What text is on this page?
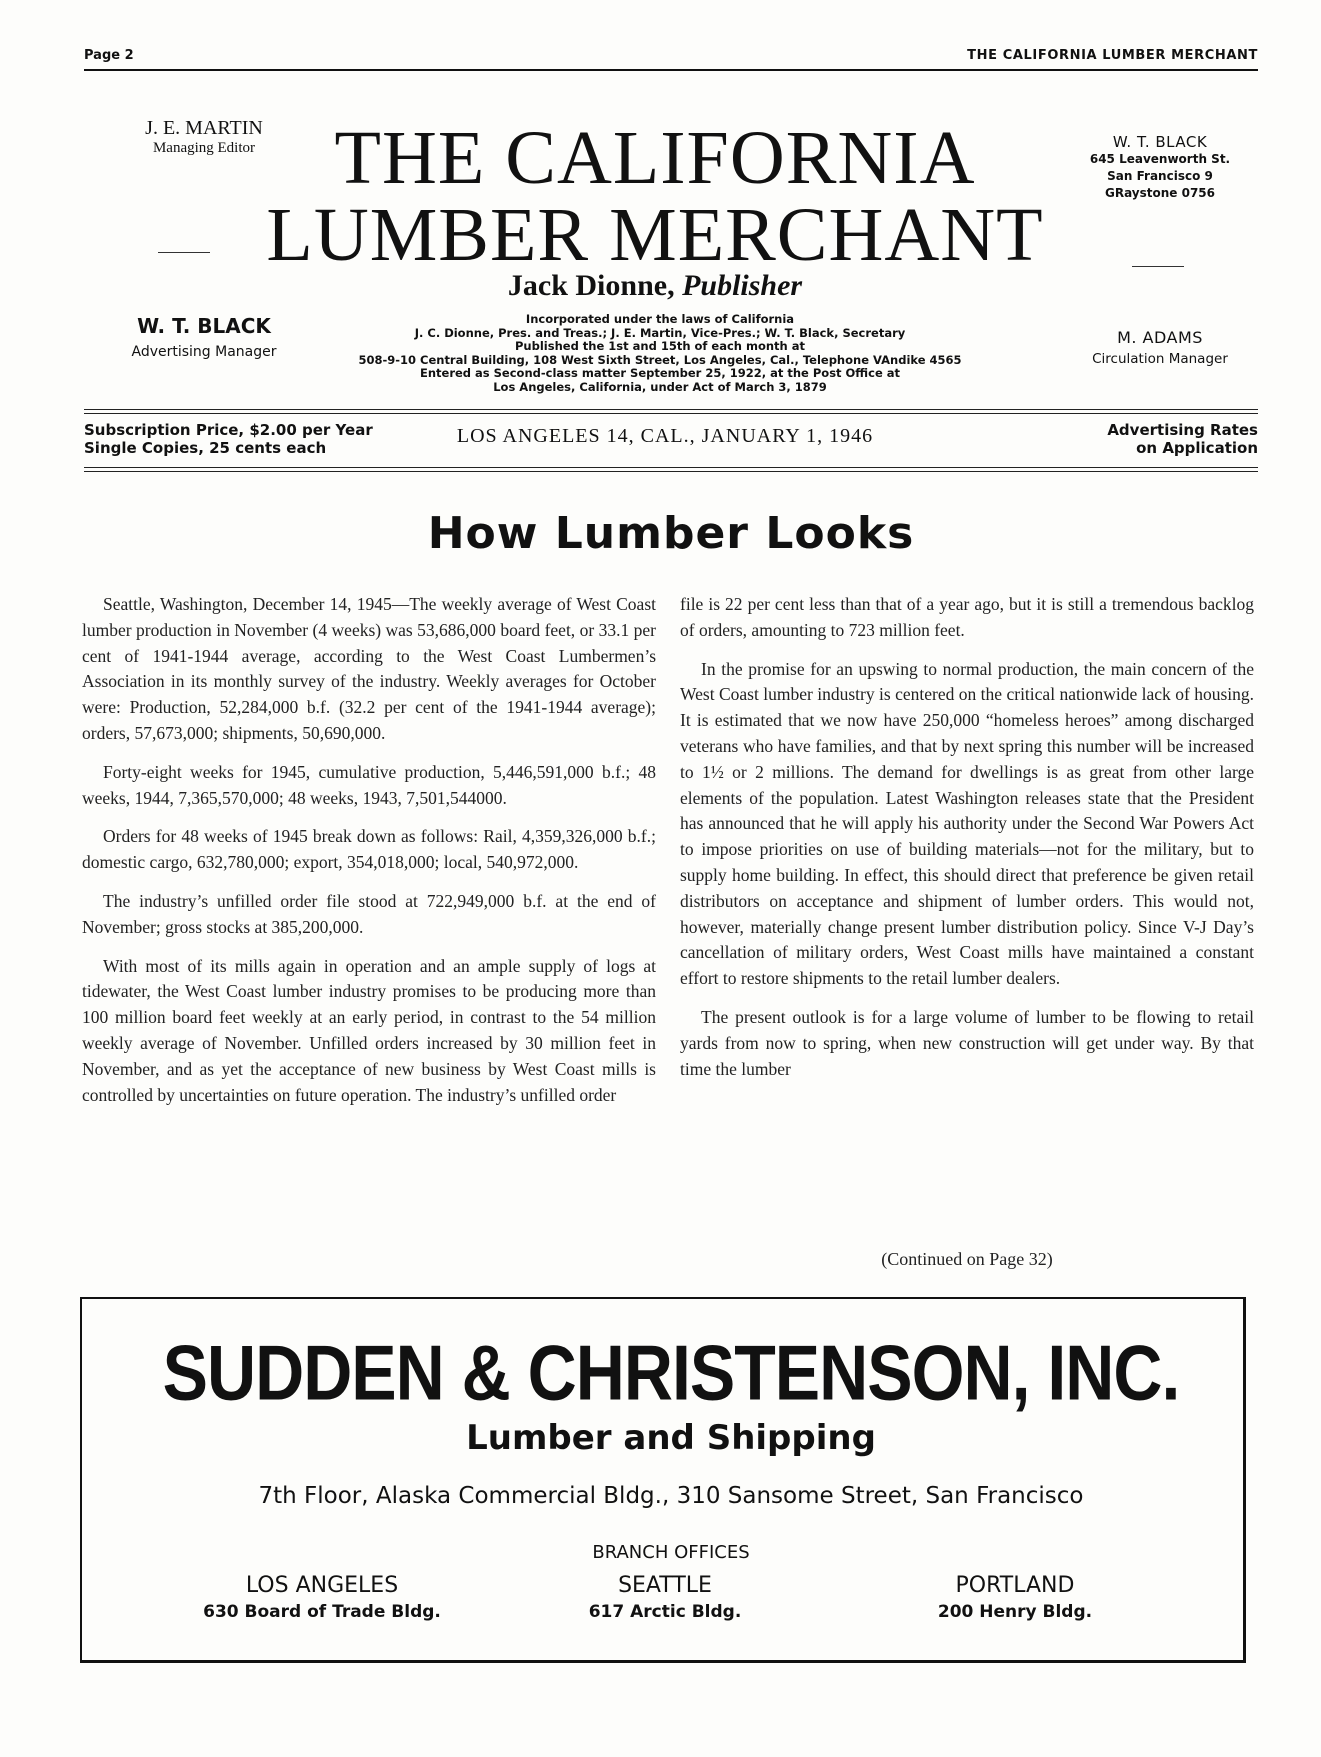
Page 2	THE CALIFORNIA LUMBER MERCHANT
J. E. MARTIN
Managing Editor
W. T. BLACK
Advertising Manager
THE CALIFORNIA
LUMBER MERCHANT
Jack Dionne, Publisher
Incorporated under the laws of California
J. C. Dionne, Pres. and Treas.; J. E. Martin, Vice-Pres.; W. T. Black, Secretary
Published the 1st and 15th of each month at
508-9-10 Central Building, 108 West Sixth Street, Los Angeles, Cal., Telephone VAndike 4565
Entered as Second-class matter September 25, 1922, at the Post Office at
Los Angeles, California, under Act of March 3, 1879
W. T. BLACK
645 Leavenworth St.
San Francisco 9
GRaystone 0756
M. ADAMS
Circulation Manager
Subscription Price, $2.00 per Year
Single Copies, 25 cents each
LOS ANGELES 14, CAL., JANUARY 1, 1946	Advertising Rates
on Application
How Lumber Looks

Seattle, Washington, December 14, 1945—The weekly average of West Coast lumber production in November (4 weeks) was 53,686,000 board feet, or 33.1 per cent of 1941-1944 average, according to the West Coast Lumbermen’s Association in its monthly survey of the industry. Weekly averages for October were: Production, 52,284,000 b.f. (32.2 per cent of the 1941-1944 average); orders, 57,673,000; shipments, 50,690,000.

Forty-eight weeks for 1945, cumulative production, 5,446,591,000 b.f.; 48 weeks, 1944, 7,365,570,000; 48 weeks, 1943, 7,501,544000.

Orders for 48 weeks of 1945 break down as follows: Rail, 4,359,326,000 b.f.; domestic cargo, 632,780,000; export, 354,018,000; local, 540,972,000.

The industry’s unfilled order file stood at 722,949,000 b.f. at the end of November; gross stocks at 385,200,000.

With most of its mills again in operation and an ample supply of logs at tidewater, the West Coast lumber industry promises to be producing more than 100 million board feet weekly at an early period, in contrast to the 54 million weekly average of November. Unfilled orders increased by 30 million feet in November, and as yet the acceptance of new business by West Coast mills is controlled by uncertainties on future operation. The industry’s unfilled order

file is 22 per cent less than that of a year ago, but it is still a tremendous backlog of orders, amounting to 723 million feet.

In the promise for an upswing to normal production, the main concern of the West Coast lumber industry is centered on the critical nationwide lack of housing. It is estimated that we now have 250,000 “homeless heroes” among discharged veterans who have families, and that by next spring this number will be increased to 1½ or 2 millions. The demand for dwellings is as great from other large elements of the population. Latest Washington releases state that the President has announced that he will apply his authority under the Second War Powers Act to impose priorities on use of building materials—not for the military, but to supply home building. In effect, this should direct that preference be given retail distributors on acceptance and shipment of lumber orders. This would not, however, materially change present lumber distribution policy. Since V-J Day’s cancellation of military orders, West Coast mills have maintained a constant effort to restore shipments to the retail lumber dealers.

The present outlook is for a large volume of lumber to be flowing to retail yards from now to spring, when new construction will get under way. By that time the lumber

(Continued on Page 32)
SUDDEN & CHRISTENSON, INC.
Lumber and Shipping
7th Floor, Alaska Commercial Bldg., 310 Sansome Street, San Francisco
BRANCH OFFICES
LOS ANGELES
630 Board of Trade Bldg.
SEATTLE
617 Arctic Bldg.
PORTLAND
200 Henry Bldg.
